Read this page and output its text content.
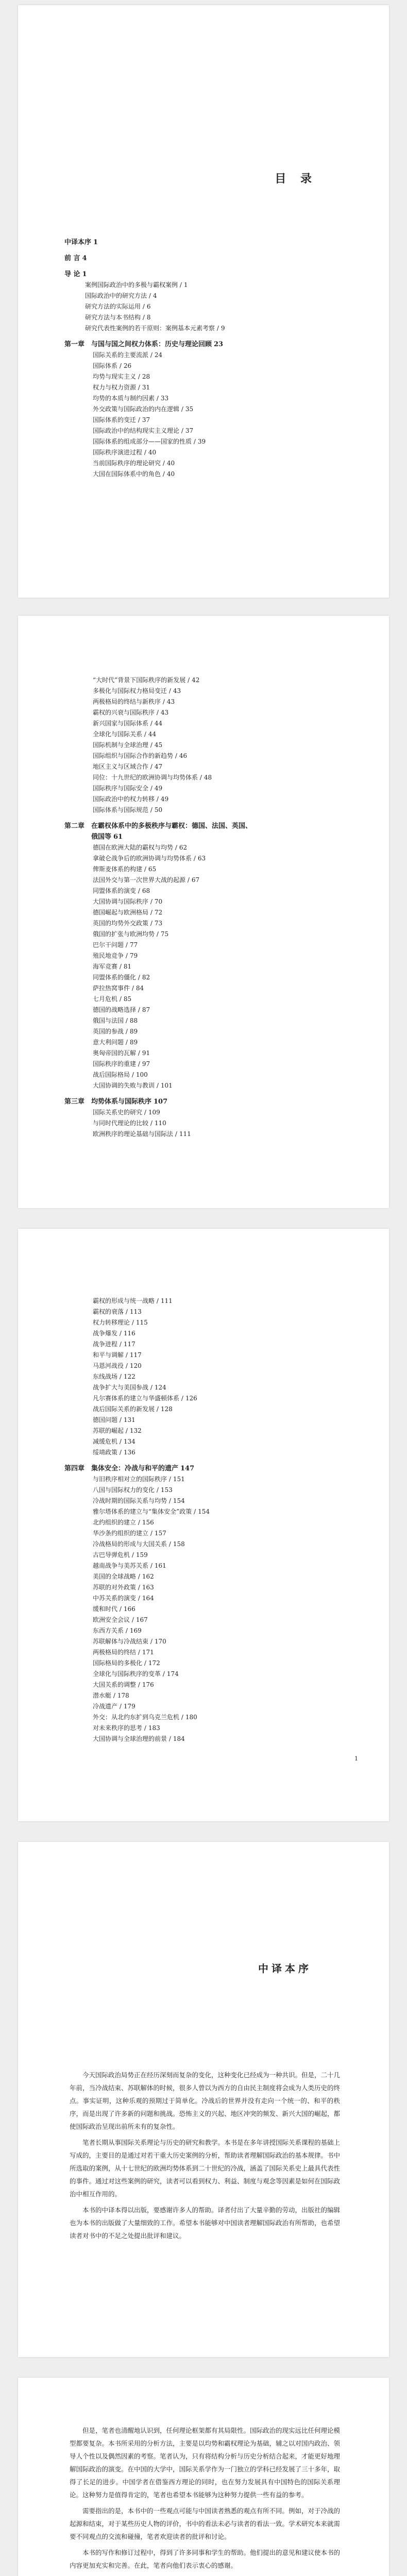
目 录
中译本序 1
前 言 4
导 论 1
案例国际政治中的多极与霸权案例 / 1
国际政治中的研究方法 / 4
研究方法的实际运用 / 6
研究方法与本书结构 / 8
研究代表性案例的若干原则：案例基本元素考察 / 9
第一章 与国与国之间权力体系：历史与理论回顾 23
国际关系的主要流派 / 24
国际体系 / 26
均势与现实主义 / 28
权力与权力资源 / 31
均势的本质与制约因素 / 33
外交政策与国际政治的内在逻辑 / 35
国际体系的变迁 / 37
国际政治中的结构现实主义理论 / 37
国际体系的组成部分——国家的性质 / 39
国际秩序演进过程 / 40
当前国际秩序的理论研究 / 40
大国在国际体系中的角色 / 40
“大时代”背景下国际秩序的新发展 / 42
多极化与国际权力格局变迁 / 43
两极格局的终结与新秩序 / 43
霸权的兴衰与国际秩序 / 43
新兴国家与国际体系 / 44
全球化与国际关系 / 44
国际机制与全球治理 / 45
国际组织与国际合作的新趋势 / 46
地区主义与区域合作 / 47
同位：十九世纪的欧洲协调与均势体系 / 48
国际秩序与国际安全 / 49
国际政治中的权力转移 / 49
国际体系与国际规范 / 50
第二章 在霸权体系中的多极秩序与霸权：德国、法国、英国、
俄国等 61
德国在欧洲大陆的霸权与均势 / 62
拿破仑战争后的欧洲协调与均势体系 / 63
俾斯麦体系的构建 / 65
法国外交与第一次世界大战的起源 / 67
同盟体系的演变 / 68
大国协调与国际秩序 / 70
德国崛起与欧洲格局 / 72
英国的均势外交政策 / 73
俄国的扩张与欧洲均势 / 75
巴尔干问题 / 77
殖民地竞争 / 79
海军竞赛 / 81
同盟体系的僵化 / 82
萨拉热窝事件 / 84
七月危机 / 85
德国的战略选择 / 87
俄国与法国 / 88
英国的参战 / 89
意大利问题 / 89
奥匈帝国的瓦解 / 91
国际秩序的重建 / 97
战后国际格局 / 100
大国协调的失败与教训 / 101
第三章 均势体系与国际秩序 107
国际关系史的研究 / 109
与同时代理论的比较 / 110
欧洲秩序的理论基础与国际法 / 111
霸权的形成与统一战略 / 111
霸权的衰落 / 113
权力转移理论 / 115
战争爆发 / 116
战争进程 / 117
和平与调解 / 117
马恩河战役 / 120
东线战场 / 122
战争扩大与美国参战 / 124
凡尔赛体系的建立与华盛顿体系 / 126
战后国际关系的新发展 / 128
德国问题 / 131
苏联的崛起 / 132
减缓危机 / 134
绥靖政策 / 136
第四章 集体安全：冷战与和平的遗产 147
与旧秩序相对立的国际秩序 / 151
八国与国际权力的变化 / 153
冷战时期的国际关系与均势 / 154
雅尔塔体系的建立与“集体安全”政策 / 154
北约组织的建立 / 156
华沙条约组织的建立 / 157
冷战格局的形成与大国关系 / 158
古巴导弹危机 / 159
越南战争与美苏关系 / 161
美国的全球战略 / 162
苏联的对外政策 / 163
中苏关系的演变 / 164
缓和时代 / 166
欧洲安全会议 / 167
东西方关系 / 169
苏联解体与冷战结束 / 170
两极格局的终结 / 171
国际格局的多极化 / 172
全球化与国际秩序的变革 / 174
大国关系的调整 / 176
潜水艇 / 178
冷战遗产 / 179
外交：从北约东扩到乌克兰危机 / 180
对未来秩序的思考 / 183
大国协调与全球治理的前景 / 184
1
中译本序

今天国际政治局势正在经历深刻而复杂的变化，这种变化已经成为一种共识。但是，二十几年前，当冷战结束、苏联解体的时候，很多人曾以为西方的自由民主制度将会成为人类历史的终点。事实证明，这种乐观的预期过于简单化。冷战后的世界并没有走向一个统一的、和平的秩序，而是出现了许多新的问题和挑战。恐怖主义的兴起、地区冲突的频发、新兴大国的崛起，都使国际政治呈现出前所未有的复杂性。

笔者长期从事国际关系理论与历史的研究和教学。本书是在多年讲授国际关系课程的基础上写成的，主要目的是通过对若干重大历史案例的分析，帮助读者理解国际政治的基本规律。书中所选取的案例，从十七世纪的欧洲均势体系到二十世纪的冷战，涵盖了国际关系史上最具代表性的事件。通过对这些案例的研究，读者可以看到权力、利益、制度与观念等因素是如何在国际政治中相互作用的。

本书的中译本得以出版，要感谢许多人的帮助。译者付出了大量辛勤的劳动，出版社的编辑也为本书的出版做了大量细致的工作。希望本书能够对中国读者理解国际政治有所帮助，也希望读者对书中的不足之处提出批评和建议。

但是，笔者也清醒地认识到，任何理论框架都有其局限性。国际政治的现实远比任何理论模型都要复杂。本书所采用的分析方法，主要是以均势和霸权理论为基础，辅之以对国内政治、领导人个性以及偶然因素的考察。笔者认为，只有将结构分析与历史分析结合起来，才能更好地理解国际政治的演变。在中国的大学中，国际关系学作为一门独立的学科已经发展了三十多年，取得了长足的进步。中国学者在借鉴西方理论的同时，也在努力发展具有中国特色的国际关系理论。这种努力是值得肯定的，笔者也希望本书能够为这种努力提供一些有益的参考。

需要指出的是，本书中的一些观点可能与中国读者熟悉的观点有所不同。例如，对于冷战的起源和结束，对于某些历史人物的评价，书中的看法未必与读者的看法一致。学术研究本来就需要不同观点的交流和碰撞，笔者欢迎读者的批评和讨论。

本书的写作和修订过程中，得到了许多同事和学生的帮助。他们提出的意见和建议使本书的内容更加充实和完善。在此，笔者向他们表示衷心的感谢。
